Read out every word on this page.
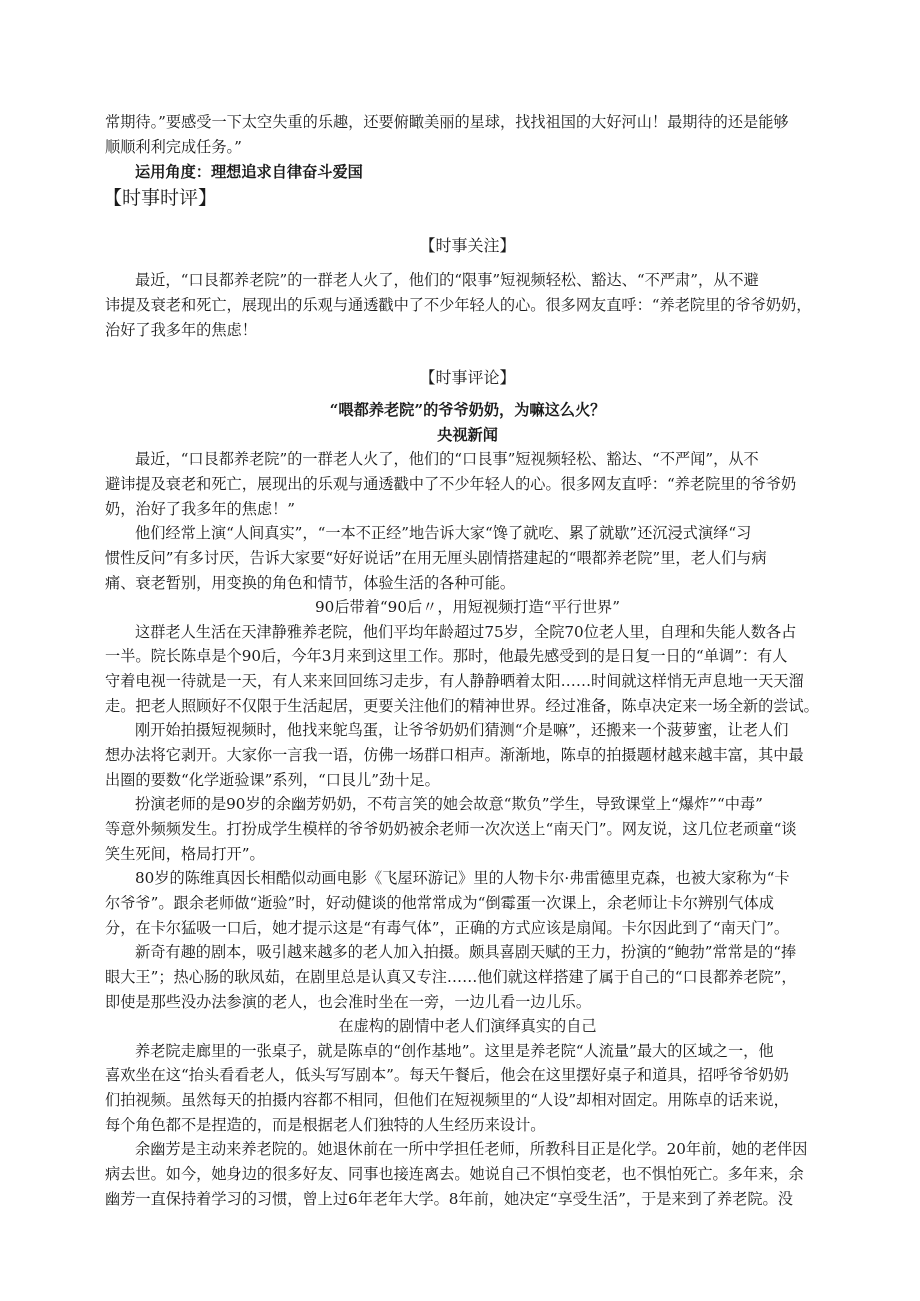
常期待。”要感受一下太空失重的乐趣，还要俯瞰美丽的星球，找找祖国的大好河山！最期待的还是能够
顺顺利利完成任务。”
运用角度：理想追求自律奋斗爱国
【时事时评】
【时事关注】
最近，“口艮都养老院”的一群老人火了，他们的“限事”短视频轻松、豁达、“不严肃”，从不避
讳提及衰老和死亡，展现出的乐观与通透戳中了不少年轻人的心。很多网友直呼：“养老院里的爷爷奶奶，
治好了我多年的焦虑！
【时事评论】
“喂都养老院”的爷爷奶奶，为嘛这么火？
央视新闻
最近，“口艮都养老院”的一群老人火了，他们的“口艮事”短视频轻松、豁达、“不严闻”，从不
避讳提及衰老和死亡，展现出的乐观与通透戳中了不少年轻人的心。很多网友直呼：“养老院里的爷爷奶
奶，治好了我多年的焦虑！”
他们经常上演“人间真实”，“一本不正经”地告诉大家“馋了就吃、累了就歇”还沉浸式演绎“习
惯性反问”有多讨厌，告诉大家要“好好说话”在用无厘头剧情搭建起的“喂都养老院”里，老人们与病
痛、衰老暂别，用变换的角色和情节，体验生活的各种可能。
90后带着“90后〃，用短视频打造“平行世界”
这群老人生活在天津静雅养老院，他们平均年龄超过75岁，全院70位老人里，自理和失能人数各占
一半。院长陈卓是个90后，今年3月来到这里工作。那时，他最先感受到的是日复一日的“单调”：有人
守着电视一待就是一天，有人来来回回练习走步，有人静静晒着太阳……时间就这样悄无声息地一天天溜
走。把老人照顾好不仅限于生活起居，更要关注他们的精神世界。经过准备，陈卓决定来一场全新的尝试。
刚开始拍摄短视频时，他找来鸵鸟蛋，让爷爷奶奶们猜测“介是嘛”，还搬来一个菠萝蜜，让老人们
想办法将它剥开。大家你一言我一语，仿佛一场群口相声。渐渐地，陈卓的拍摄题材越来越丰富，其中最
出圈的要数“化学逝验课”系列，“口艮儿”劲十足。
扮演老师的是90岁的余幽芳奶奶，不苟言笑的她会故意“欺负”学生，导致课堂上“爆炸”“中毒”
等意外频频发生。打扮成学生模样的爷爷奶奶被余老师一次次送上“南天门”。网友说，这几位老顽童“谈
笑生死间，格局打开”。
80岁的陈维真因长相酷似动画电影《飞屋环游记》里的人物卡尔·弗雷德里克森，也被大家称为“卡
尔爷爷”。跟余老师做“逝验”时，好动健谈的他常常成为“倒霉蛋一次课上，余老师让卡尔辨别气体成
分，在卡尔猛吸一口后，她才提示这是“有毒气体”，正确的方式应该是扇闻。卡尔因此到了“南天门”。
新奇有趣的剧本，吸引越来越多的老人加入拍摄。颇具喜剧天赋的王力，扮演的“鲍勃”常常是的“捧
眼大王”；热心肠的耿凤茹，在剧里总是认真又专注……他们就这样搭建了属于自己的“口艮都养老院”，
即使是那些没办法参演的老人，也会准时坐在一旁，一边儿看一边儿乐。
在虚构的剧情中老人们演绎真实的自己
养老院走廊里的一张桌子，就是陈卓的“创作基地”。这里是养老院“人流量”最大的区域之一，他
喜欢坐在这“抬头看看老人，低头写写剧本”。每天午餐后，他会在这里摆好桌子和道具，招呼爷爷奶奶
们拍视频。虽然每天的拍摄内容都不相同，但他们在短视频里的“人设”却相对固定。用陈卓的话来说，
每个角色都不是捏造的，而是根据老人们独特的人生经历来设计。
余幽芳是主动来养老院的。她退休前在一所中学担任老师，所教科目正是化学。20年前，她的老伴因
病去世。如今，她身边的很多好友、同事也接连离去。她说自己不惧怕变老，也不惧怕死亡。多年来，余
幽芳一直保持着学习的习惯，曾上过6年老年大学。8年前，她决定“享受生活”，于是来到了养老院。没
